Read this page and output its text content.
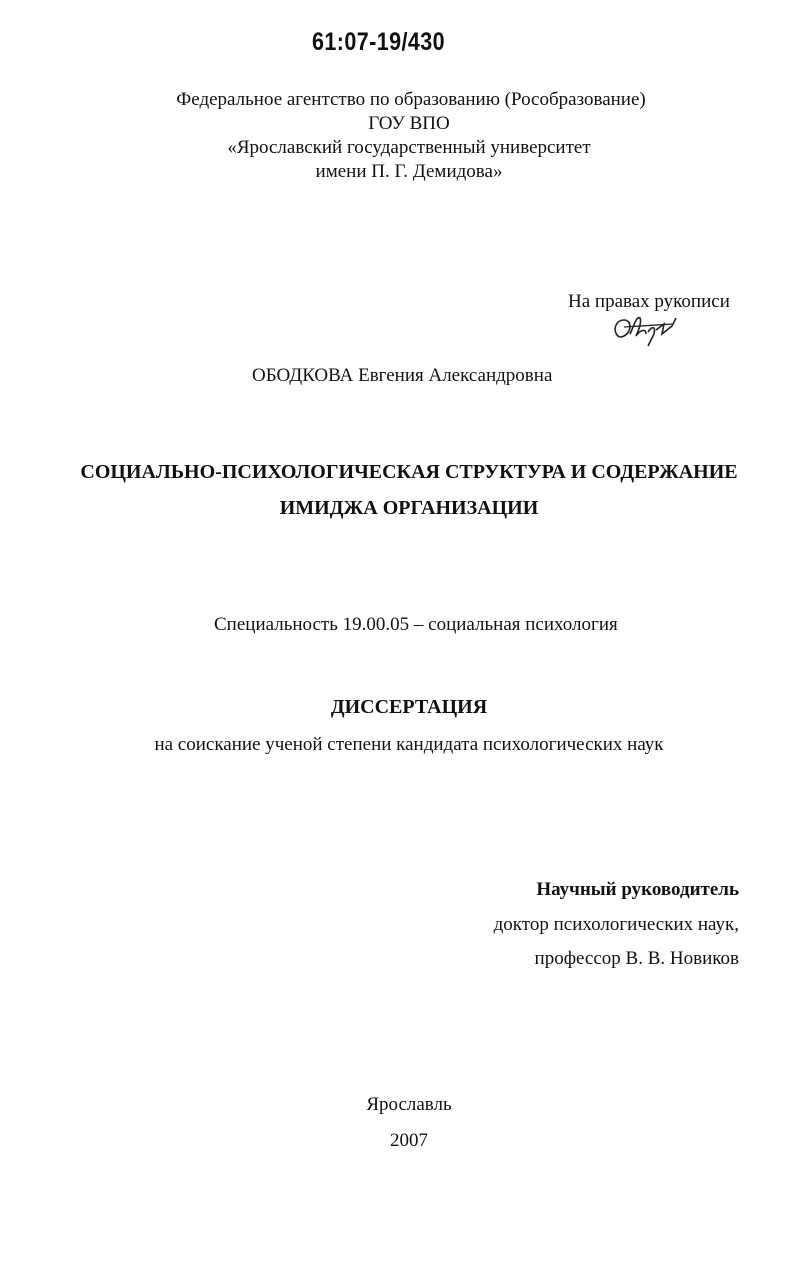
61:07-19/430
Федеральное агентство по образованию (Рособразование)
ГОУ ВПО
«Ярославский государственный университет
имени П. Г. Демидова»
На правах рукописи
ОБОДКОВА Евгения Александровна
СОЦИАЛЬНО-ПСИХОЛОГИЧЕСКАЯ СТРУКТУРА И СОДЕРЖАНИЕ
ИМИДЖА ОРГАНИЗАЦИИ
Специальность 19.00.05 – социальная психология
ДИССЕРТАЦИЯ
на соискание ученой степени кандидата психологических наук
Научный руководитель
доктор психологических наук,
профессор В. В. Новиков
Ярославль
2007
